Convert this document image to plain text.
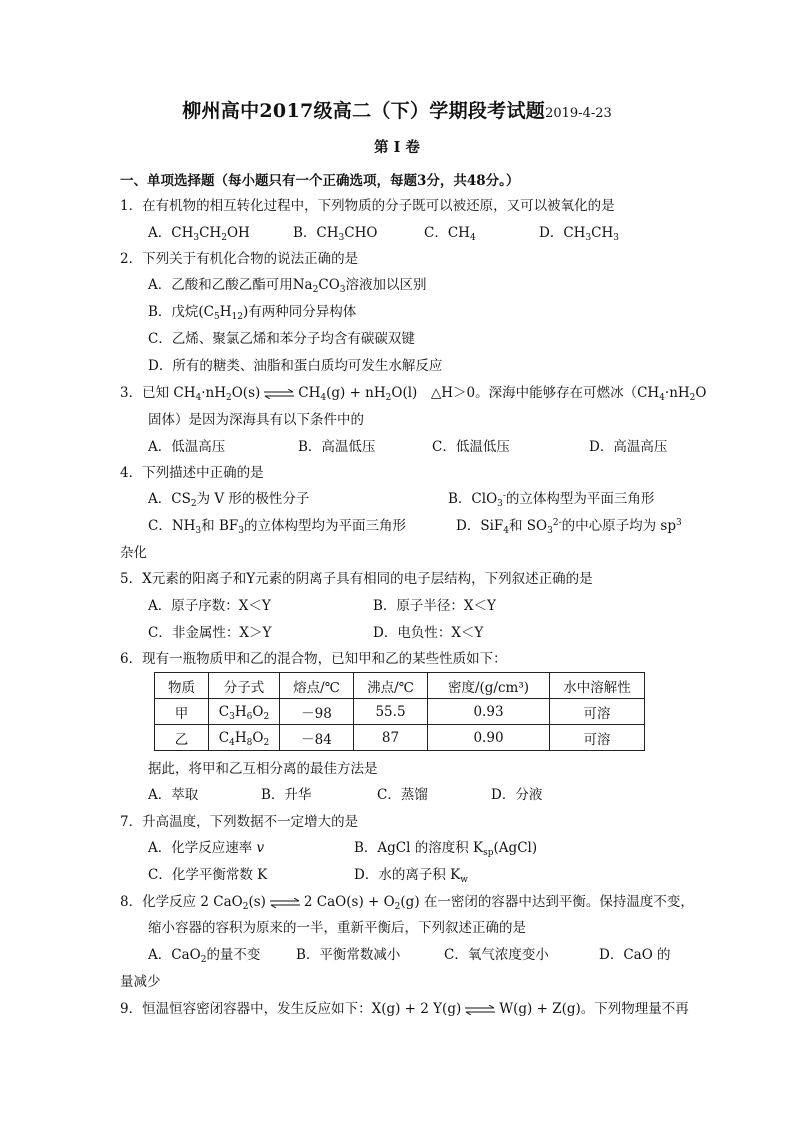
柳州高中2017级高二（下）学期段考试题2019-4-23
第 Ⅰ 卷
一、单项选择题（每小题只有一个正确选项，每题3分，共48分。）
1．在有机物的相互转化过程中，下列物质的分子既可以被还原，又可以被氧化的是
A．$CH_3CH_2OH$	B．$CH_3CHO$	C．$CH_4$	D．$CH_3CH_3$
2．下列关于有机化合物的说法正确的是
A．乙酸和乙酸乙酯可用$Na_2CO_3$溶液加以区别
B．戊烷$(C_5H_{12})$有两种同分异构体
C．乙烯、聚氯乙烯和苯分子均含有碳碳双键
D．所有的糖类、油脂和蛋白质均可发生水解反应
3．已知 $CH_4\cdot nH_2O(s)$ ⇌ $CH_4(g) + nH_2O(l)$　△H＞0。深海中能够存在可燃冰（$CH_4\cdot nH_2O$
固体）是因为深海具有以下条件中的
A．低温高压	B．高温低压	C．低温低压	D．高温高压
4．下列描述中正确的是
A．$CS_2$为 V 形的极性分子	B．ClO$_3$-的立体构型为平面三角形
C．$NH_3$和 $BF_3$的立体构型均为平面三角形	D．SiF$_4$和 $SO_3^{2-}$的中心原子均为 $sp^3$
杂化
5．X元素的阳离子和Y元素的阴离子具有相同的电子层结构，下列叙述正确的是
A．原子序数：X＜Y	B．原子半径：X＜Y
C．非金属性：X＞Y	D．电负性：X＜Y
6．现有一瓶物质甲和乙的混合物，已知甲和乙的某些性质如下：
物质	分子式	熔点/℃	沸点/℃	密度/(g/cm³)	水中溶解性
甲	$C_3H_6O_2$	－98	55.5	0.93	可溶
乙	$C_4H_8O_2$	－84	87	0.90	可溶
据此，将甲和乙互相分离的最佳方法是
A．萃取	B．升华	C．蒸馏	D．分液
7．升高温度，下列数据不一定增大的是
A．化学反应速率 v	B．AgCl 的溶度积 $K_{sp}(AgCl)$
C．化学平衡常数 K	D．水的离子积 $K_w$
8．化学反应 2 CaO$_2$(s) ⇌ 2 $CaO(s) + O_2(g)$ 在一密闭的容器中达到平衡。保持温度不变，
缩小容器的容积为原来的一半，重新平衡后，下列叙述正确的是
A．CaO$_2$的量不变	B．平衡常数减小	C．氧气浓度变小	D．CaO 的
量减少
9．恒温恒容密闭容器中，发生反应如下：X(g) + 2 Y(g) ⇌ W(g) + Z(g)。下列物理量不再
